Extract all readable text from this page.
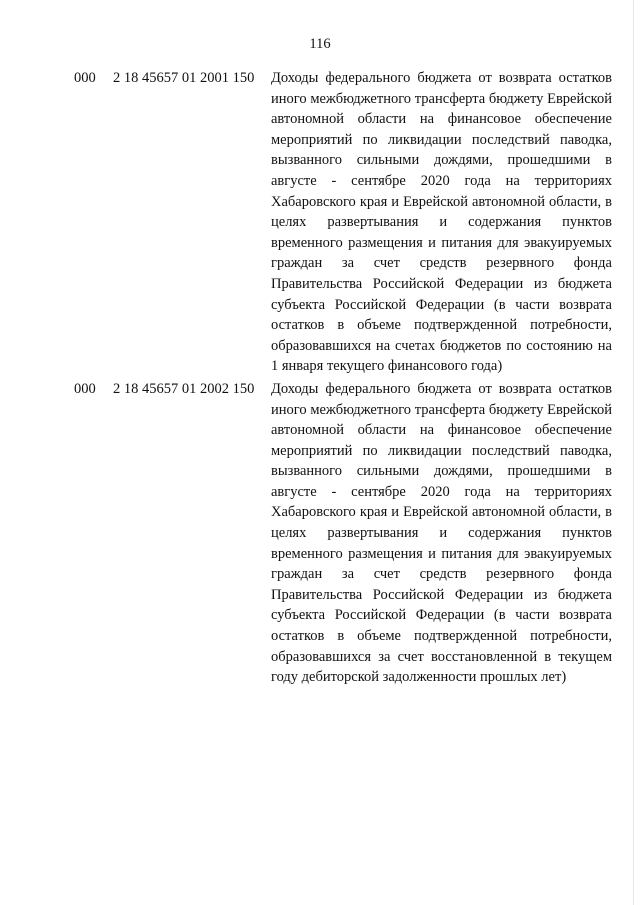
116
000 2 18 45657 01 2001 150 Доходы федерального бюджета от возврата остатков иного межбюджетного трансферта бюджету Еврейской автономной области на финансовое обеспечение мероприятий по ликвидации последствий паводка, вызванного сильными дождями, прошедшими в августе - сентябре 2020 года на территориях Хабаровского края и Еврейской автономной области, в целях развертывания и содержания пунктов временного размещения и питания для эвакуируемых граждан за счет средств резервного фонда Правительства Российской Федерации из бюджета субъекта Российской Федерации (в части возврата остатков в объеме подтвержденной потребности, образовавшихся на счетах бюджетов по состоянию на 1 января текущего финансового года)
000 2 18 45657 01 2002 150 Доходы федерального бюджета от возврата остатков иного межбюджетного трансферта бюджету Еврейской автономной области на финансовое обеспечение мероприятий по ликвидации последствий паводка, вызванного сильными дождями, прошедшими в августе - сентябре 2020 года на территориях Хабаровского края и Еврейской автономной области, в целях развертывания и содержания пунктов временного размещения и питания для эвакуируемых граждан за счет средств резервного фонда Правительства Российской Федерации из бюджета субъекта Российской Федерации (в части возврата остатков в объеме подтвержденной потребности, образовавшихся за счет восстановленной в текущем году дебиторской задолженности прошлых лет)
